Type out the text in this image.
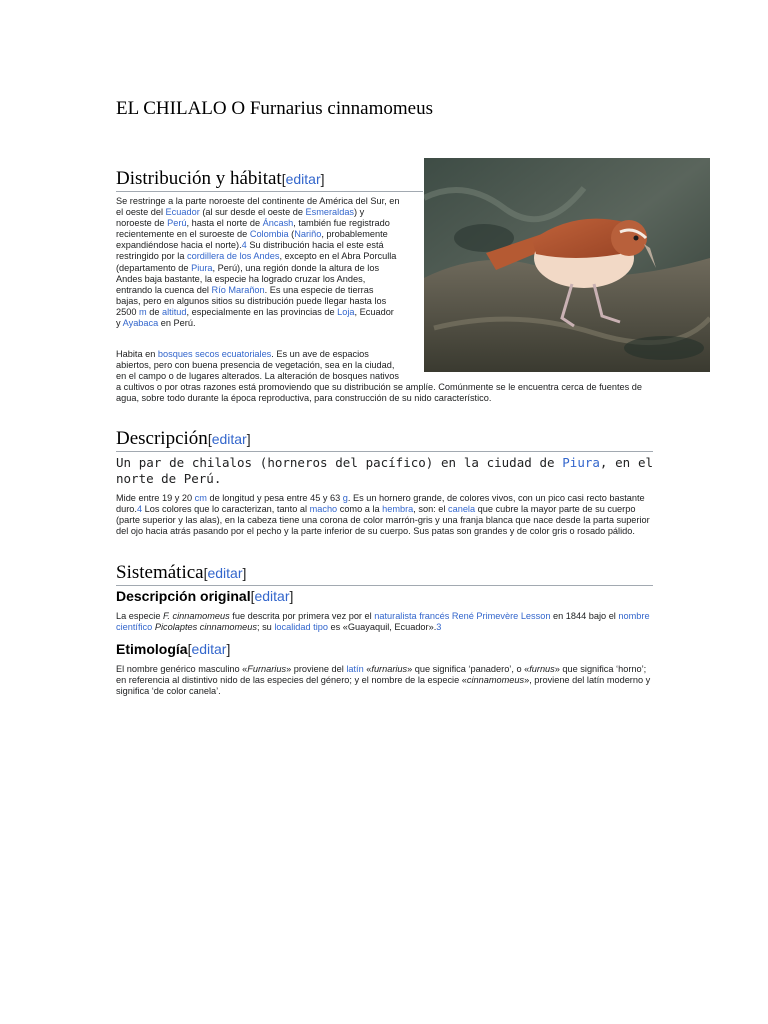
EL CHILALO O Furnarius cinnamomeus
Distribución y hábitat[editar]

Se restringe a la parte noroeste del continente de América del Sur, en el oeste del Ecuador (al sur desde el oeste de Esmeraldas) y noroeste de Perú, hasta el norte de Áncash, también fue registrado recientemente en el suroeste de Colombia (Nariño, probablemente expandiéndose hacia el norte).4 Su distribución hacia el este está restringido por la cordillera de los Andes, excepto en el Abra Porculla (departamento de Piura, Perú), una región donde la altura de los Andes baja bastante, la especie ha logrado cruzar los Andes, entrando la cuenca del Río Marañon. Es una especie de tierras bajas, pero en algunos sitios su distribución puede llegar hasta los 2500 m de altitud, especialmente en las provincias de Loja, Ecuador y Ayabaca en Perú.

Habita en bosques secos ecuatoriales. Es un ave de espacios abiertos, pero con buena presencia de vegetación, sea en la ciudad, en el campo o de lugares alterados. La alteración de bosques nativos a cultivos o por otras razones está promoviendo que su distribución se amplíe. Comúnmente se le encuentra cerca de fuentes de agua, sobre todo durante la época reproductiva, para construcción de su nido característico.

Descripción[editar]

Un par de chilalos (horneros del pacífico) en la ciudad de Piura, en el norte de Perú.

Mide entre 19 y 20 cm de longitud y pesa entre 45 y 63 g. Es un hornero grande, de colores vivos, con un pico casi recto bastante duro.4 Los colores que lo caracterizan, tanto al macho como a la hembra, son: el canela que cubre la mayor parte de su cuerpo (parte superior y las alas), en la cabeza tiene una corona de color marrón-gris y una franja blanca que nace desde la parta superior del ojo hacia atrás pasando por el pecho y la parte inferior de su cuerpo. Sus patas son grandes y de color gris o rosado pálido.

Sistemática[editar]
Descripción original[editar]

La especie F. cinnamomeus fue descrita por primera vez por el naturalista francés René Primevère Lesson en 1844 bajo el nombre científico Picolaptes cinnamomeus; su localidad tipo es «Guayaquil, Ecuador».3

Etimología[editar]

El nombre genérico masculino «Furnarius» proviene del latín «furnarius» que significa ‘panadero’, o «furnus» que significa ‘horno’; en referencia al distintivo nido de las especies del género; y el nombre de la especie «cinnamomeus», proviene del latín moderno y significa ‘de color canela’.
